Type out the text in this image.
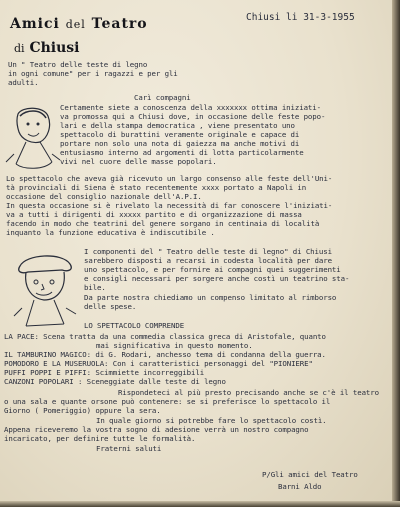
Amici del Teatro
di Chiusi
Chiusi li 31-3-1955
Un " Teatro delle teste di legno
in ogni comune" per i ragazzi e per gli
adulti.
Carì compagni
Certamente siete a conoscenza della xxxxxxx ottima iniziati-
va promossa qui a Chiusi dove, in occasione delle feste popo-
lari e della stampa democratica , viene presentato uno
spettacolo di burattini veramente originale e capace di
portare non solo una nota di gaiezza ma anche motivi di
entusiasmo interno ad argomenti di lotta particolarmente
vivi nel cuore delle masse popolari.
Lo spettacolo che aveva già ricevuto un largo consenso alle feste dell'Uni-
tà provinciali di Siena è stato recentemente xxxx portato a Napoli in
occasione del consiglio nazionale dell'A.P.I.
In questa occasione si è rivelato la necessità di far conoscere l'iniziati-
va a tutti i dirigenti di xxxxx partito e di organizzazione di massa
facendo in modo che teatrini del genere sorgano in centinaia di località
inquanto la funzione educativa è indiscutibile .
I componenti del " Teatro delle teste di legno" di Chiusi
sarebbero disposti a recarsi in codesta località per dare
uno spettacolo, e per fornire ai compagni quei suggerimenti
e consigli necessari per sorgere anche costì un teatrino sta-
bile.
Da parte nostra chiediamo un compenso limitato al rimborso
delle spese.
LO SPETTACOLO COMPRENDE
LA PACE: Scena tratta da una commedia classica greca di Aristofale, quanto
mai significativa in questo momento.
IL TAMBURINO MAGICO: di G. Rodari, anchesso tema di condanna della guerra.
POMODORO E LA MUSERUOLA: Con i caratteristici personaggi del "PIONIERE"
PUFFI POPPI E PIFFI: Scimmiette incorreggibili
CANZONI POPOLARI : Sceneggiate dalle teste di legno
Rispondeteci al più presto precisando anche se c'è il teatro
o una sala e quante orsone può contenere: se si preferisce lo spettacolo il
Giorno ( Pomeriggio) oppure la sera.
In quale giorno si potrebbe fare lo spettacolo costì.
Appena riceveremo la vostra sogno di adesione verrà un nostro compagno
incaricato, per definire tutte le formalità.
Fraterni saluti
P/Gli amici del Teatro
Barni Aldo
